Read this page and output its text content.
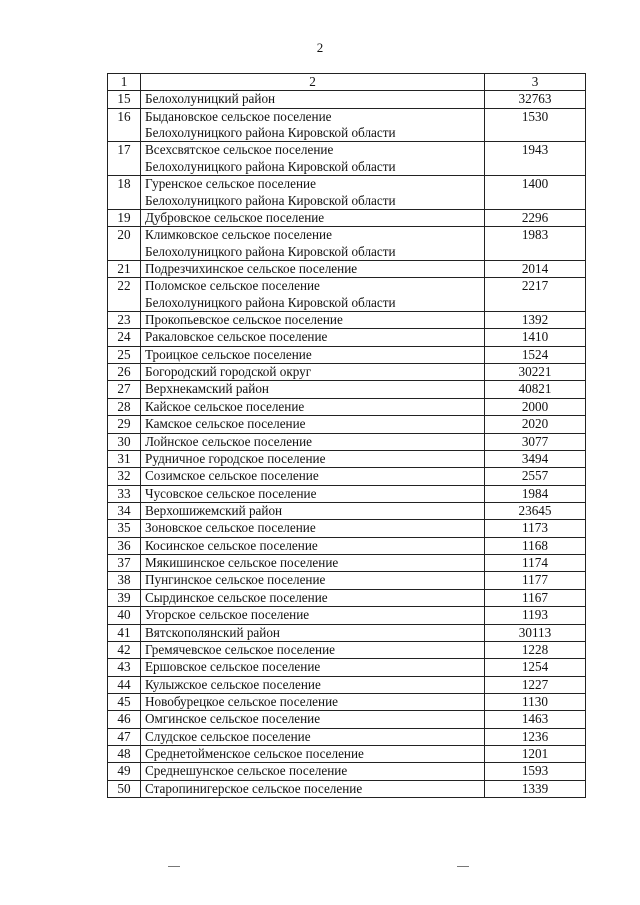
2
1	2	3
15	Белохолуницкий район	32763
16	Быдановское сельское поселение
Белохолуницкого района Кировской области	1530
17	Всехсвятское сельское поселение
Белохолуницкого района Кировской области	1943
18	Гуренское сельское поселение
Белохолуницкого района Кировской области	1400
19	Дубровское сельское поселение	2296
20	Климковское сельское поселение
Белохолуницкого района Кировской области	1983
21	Подрезчихинское сельское поселение	2014
22	Поломское сельское поселение
Белохолуницкого района Кировской области	2217
23	Прокопьевское сельское поселение	1392
24	Ракаловское сельское поселение	1410
25	Троицкое сельское поселение	1524
26	Богородский городской округ	30221
27	Верхнекамский район	40821
28	Кайское сельское поселение	2000
29	Камское сельское поселение	2020
30	Лойнское сельское поселение	3077
31	Рудничное городское поселение	3494
32	Созимское сельское поселение	2557
33	Чусовское сельское поселение	1984
34	Верхошижемский район	23645
35	Зоновское сельское поселение	1173
36	Косинское сельское поселение	1168
37	Мякишинское сельское поселение	1174
38	Пунгинское сельское поселение	1177
39	Сырдинское сельское поселение	1167
40	Угорское сельское поселение	1193
41	Вятскополянский район	30113
42	Гремячевское сельское поселение	1228
43	Ершовское сельское поселение	1254
44	Кулыжское сельское поселение	1227
45	Новобурецкое сельское поселение	1130
46	Омгинское сельское поселение	1463
47	Слудское сельское поселение	1236
48	Среднетойменское сельское поселение	1201
49	Среднешунское сельское поселение	1593
50	Старопинигерское сельское поселение	1339
